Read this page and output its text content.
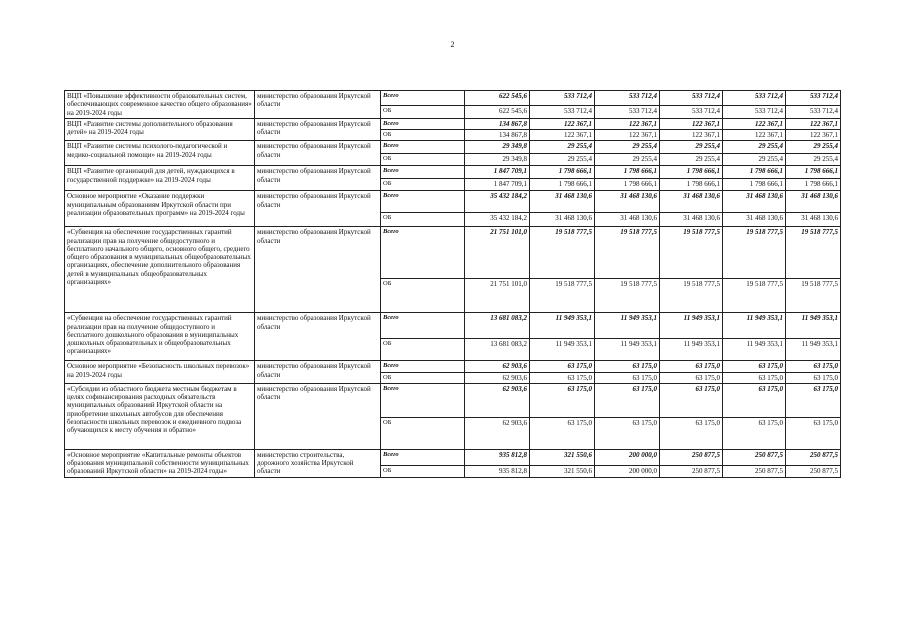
2
ВЦП «Повышение эффективности образовательных систем, обеспечивающих современное качество общего образования» на 2019-2024 годы	министерство образования Иркутской области	Всего	622 545,6	533 712,4	533 712,4	533 712,4	533 712,4	533 712,4
		ОБ	622 545,6	533 712,4	533 712,4	533 712,4	533 712,4	533 712,4
ВЦП «Развитие системы дополнительного образования детей» на 2019-2024 годы	министерство образования Иркутской области	Всего	134 867,8	122 367,1	122 367,1	122 367,1	122 367,1	122 367,1
		ОБ	134 867,8	122 367,1	122 367,1	122 367,1	122 367,1	122 367,1
ВЦП «Развитие системы психолого-педагогической и медико-социальной помощи» на 2019-2024 годы	министерство образования Иркутской области	Всего	29 349,8	29 255,4	29 255,4	29 255,4	29 255,4	29 255,4
		ОБ	29 349,8	29 255,4	29 255,4	29 255,4	29 255,4	29 255,4
ВЦП «Развитие организаций для детей, нуждающихся в государственной поддержке» на 2019-2024 годы	министерство образования Иркутской области	Всего	1 847 709,1	1 798 666,1	1 798 666,1	1 798 666,1	1 798 666,1	1 798 666,1
		ОБ	1 847 709,1	1 798 666,1	1 798 666,1	1 798 666,1	1 798 666,1	1 798 666,1
Основное мероприятие «Оказание поддержки муниципальным образованиям Иркутской области при реализации образовательных программ» на 2019-2024 годы	министерство образования Иркутской области	Всего	35 432 184,2	31 468 130,6	31 468 130,6	31 468 130,6	31 468 130,6	31 468 130,6
		ОБ	35 432 184,2	31 468 130,6	31 468 130,6	31 468 130,6	31 468 130,6	31 468 130,6
«Субвенция на обеспечение государственных гарантий реализации прав на получение общедоступного и бесплатного начального общего, основного общего, среднего общего образования в муниципальных общеобразовательных организациях, обеспечение дополнительного образования детей в муниципальных общеобразовательных организациях»	министерство образования Иркутской области	Всего	21 751 101,0	19 518 777,5	19 518 777,5	19 518 777,5	19 518 777,5	19 518 777,5
		ОБ	21 751 101,0	19 518 777,5	19 518 777,5	19 518 777,5	19 518 777,5	19 518 777,5
«Субвенция на обеспечение государственных гарантий реализации прав на получение общедоступного и бесплатного дошкольного образования в муниципальных дошкольных образовательных и общеобразовательных организациях»	министерство образования Иркутской области	Всего	13 681 083,2	11 949 353,1	11 949 353,1	11 949 353,1	11 949 353,1	11 949 353,1
		ОБ	13 681 083,2	11 949 353,1	11 949 353,1	11 949 353,1	11 949 353,1	11 949 353,1
Основное мероприятие «Безопасность школьных перевозок» на 2019-2024 годы	министерство образования Иркутской области	Всего	62 903,6	63 175,0	63 175,0	63 175,0	63 175,0	63 175,0
		ОБ	62 903,6	63 175,0	63 175,0	63 175,0	63 175,0	63 175,0
«Субсидии из областного бюджета местным бюджетам в целях софинансирования расходных обязательств муниципальных образований Иркутской области на приобретение школьных автобусов для обеспечения безопасности школьных перевозок и ежедневного подвоза обучающихся к месту обучения и обратно»	министерство образования Иркутской области	Всего	62 903,6	63 175,0	63 175,0	63 175,0	63 175,0	63 175,0
		ОБ	62 903,6	63 175,0	63 175,0	63 175,0	63 175,0	63 175,0
«Основное мероприятие «Капитальные ремонты объектов образования муниципальной собственности муниципальных образований Иркутской области» на 2019-2024 годы»	министерство строительства, дорожного хозяйства Иркутской области	Всего	935 812,8	321 550,6	200 000,0	250 877,5	250 877,5	250 877,5
		ОБ	935 812,8	321 550,6	200 000,0	250 877,5	250 877,5	250 877,5
